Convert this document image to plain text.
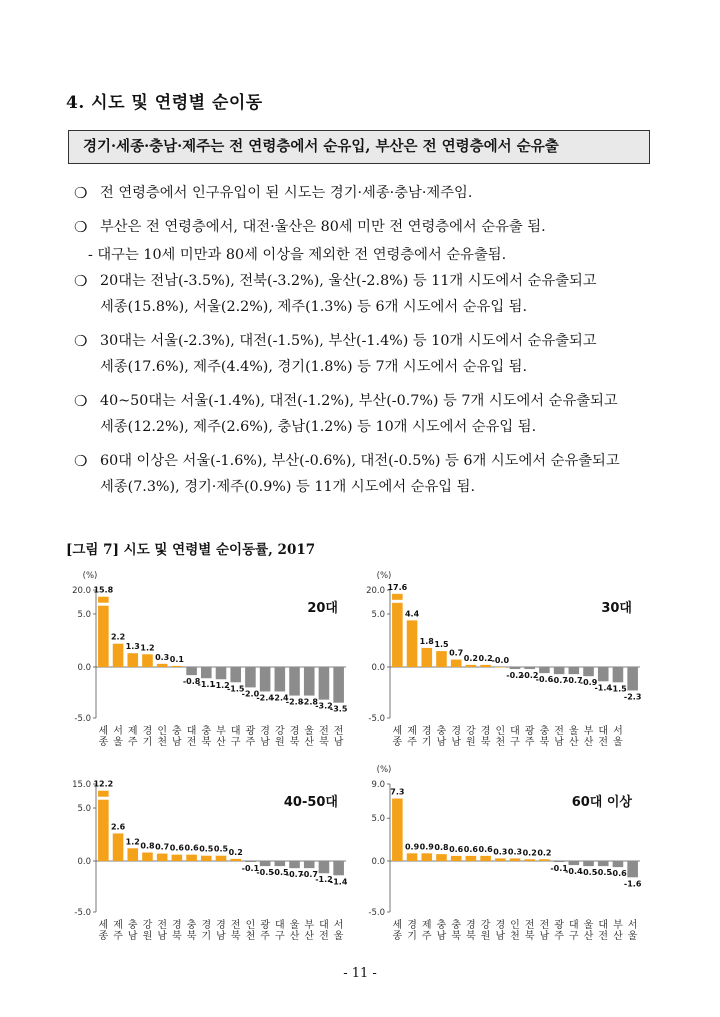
4. 시도 및 연령별 순이동
경기·세종·충남·제주는 전 연령층에서 순유입, 부산은 전 연령층에서 순유출
❍ 전 연령층에서 인구유입이 된 시도는 경기·세종·충남·제주임.
❍ 부산은 전 연령층에서, 대전·울산은 80세 미만 전 연령층에서 순유출 됨.
- 대구는 10세 미만과 80세 이상을 제외한 전 연령층에서 순유출됨.
❍ 20대는 전남(-3.5%), 전북(-3.2%), 울산(-2.8%) 등 11개 시도에서 순유출되고
세종(15.8%), 서울(2.2%), 제주(1.3%) 등 6개 시도에서 순유입 됨.
❍ 30대는 서울(-2.3%), 대전(-1.5%), 부산(-1.4%) 등 10개 시도에서 순유출되고
세종(17.6%), 제주(4.4%), 경기(1.8%) 등 7개 시도에서 순유입 됨.
❍ 40~50대는 서울(-1.4%), 대전(-1.2%), 부산(-0.7%) 등 7개 시도에서 순유출되고
세종(12.2%), 제주(2.6%), 충남(1.2%) 등 10개 시도에서 순유입 됨.
❍ 60대 이상은 서울(-1.6%), 부산(-0.6%), 대전(-0.5%) 등 6개 시도에서 순유출되고
세종(7.3%), 경기·제주(0.9%) 등 11개 시도에서 순유입 됨.
[그림 7] 시도 및 연령별 순이동률, 2017
(%)
20.0
5.0
0.0
-5.0
20대
15.8
2.2
1.3 1.2
0.3 0.1
-0.8
-1.1
-1.2
-1.5
-2.0
-2.4
-2.4
-2.8
-2.8
-3.2
-3.5
세
종
서
울
제
주
경
기
인
천
충
남
대
전
충
북
부
산
대
구
광
주
경
남
강
원
경
북
울
산
전
북
전
남
(%)
20.0
5.0
0.0
-5.0
30대
17.6
4.4
1.8 1.5
0.7
0.2 0.2
-0.0
-0.2
-0.2
-0.6
-0.7
-0.7
-0.9
-1.4
-1.5
-2.3
세
종
제
주
경
기
충
남
경
남
강
원
경
북
인
천
대
구
광
주
충
북
전
남
울
산
부
산
대
전
서
울
15.0
5.0
0.0
-5.0
40-50대
12.2
2.6
1.2 0.8 0.7 0.6 0.6 0.5 0.5 0.2
-0.1
-0.5
-0.5
-0.7
-0.7
-1.2
-1.4
세
종
제
주
충
남
강
원
전
남
경
북
충
북
경
기
경
남
전
북
인
천
광
주
대
구
울
산
부
산
대
전
서
울
(%)
9.0
5.0
0.0
-5.0
60대 이상
7.3
0.9 0.9 0.8 0.6 0.6 0.6 0.3 0.3 0.2 0.2
-0.1
-0.4
-0.5
-0.5
-0.6
-1.6
세
종
경
기
제
주
충
남
충
북
경
북
강
원
경
남
인
천
전
북
전
남
광
주
대
구
울
산
대
전
부
산
서
울
- 11 -
